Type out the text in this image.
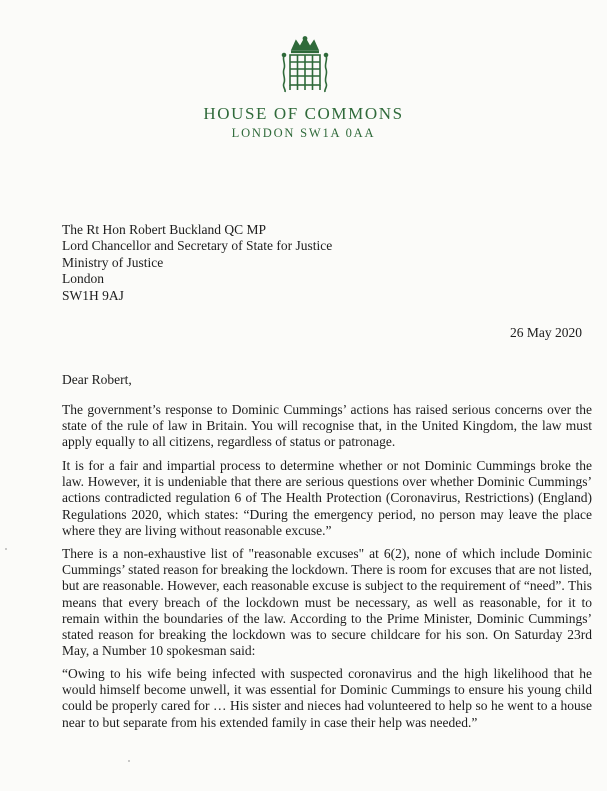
HOUSE OF COMMONS
LONDON SW1A 0AA
The Rt Hon Robert Buckland QC MP
Lord Chancellor and Secretary of State for Justice
Ministry of Justice
London
SW1H 9AJ
26 May 2020
Dear Robert,
The government’s response to Dominic Cummings’ actions has raised serious concerns over the state of the rule of law in Britain. You will recognise that, in the United Kingdom, the law must apply equally to all citizens, regardless of status or patronage.
It is for a fair and impartial process to determine whether or not Dominic Cummings broke the law. However, it is undeniable that there are serious questions over whether Dominic Cummings’ actions contradicted regulation 6 of The Health Protection (Coronavirus, Restrictions) (England) Regulations 2020, which states: “During the emergency period, no person may leave the place where they are living without reasonable excuse.”
There is a non-exhaustive list of "reasonable excuses" at 6(2), none of which include Dominic Cummings’ stated reason for breaking the lockdown. There is room for excuses that are not listed, but are reasonable. However, each reasonable excuse is subject to the requirement of “need”. This means that every breach of the lockdown must be necessary, as well as reasonable, for it to remain within the boundaries of the law. According to the Prime Minister, Dominic Cummings’ stated reason for breaking the lockdown was to secure childcare for his son. On Saturday 23rd May, a Number 10 spokesman said:
“Owing to his wife being infected with suspected coronavirus and the high likelihood that he would himself become unwell, it was essential for Dominic Cummings to ensure his young child could be properly cared for … His sister and nieces had volunteered to help so he went to a house near to but separate from his extended family in case their help was needed.”
